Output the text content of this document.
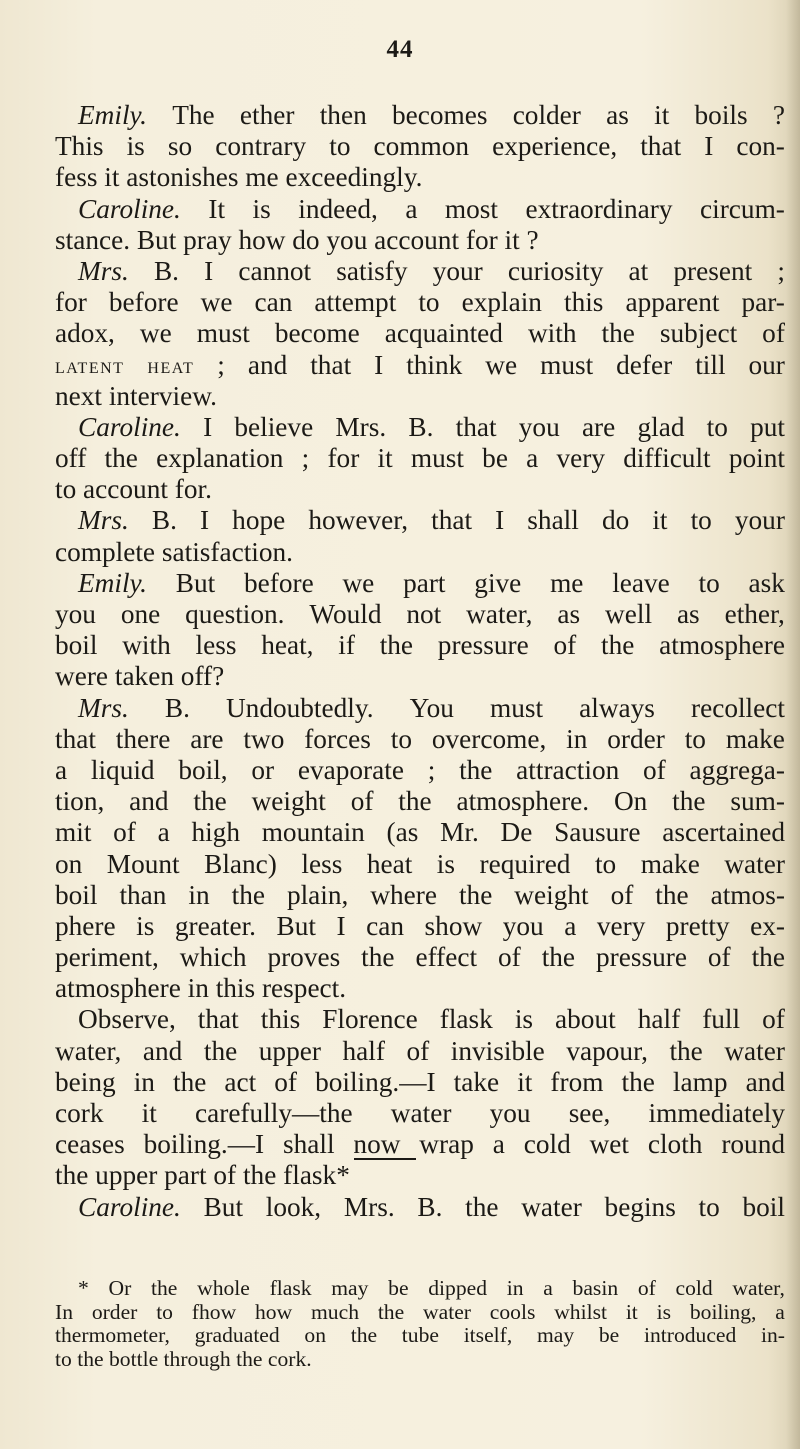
44
Emily. The ether then becomes colder as it boils ?
This is so contrary to common experience, that I con-
fess it astonishes me exceedingly.
Caroline. It is indeed, a most extraordinary circum-
stance. But pray how do you account for it ?
Mrs. B. I cannot satisfy your curiosity at present ;
for before we can attempt to explain this apparent par-
adox, we must become acquainted with the subject of
latent heat ; and that I think we must defer till our
next interview.
Caroline. I believe Mrs. B. that you are glad to put
off the explanation ; for it must be a very difficult point
to account for.
Mrs. B. I hope however, that I shall do it to your
complete satisfaction.
Emily. But before we part give me leave to ask
you one question. Would not water, as well as ether,
boil with less heat, if the pressure of the atmosphere
were taken off?
Mrs. B. Undoubtedly. You must always recollect
that there are two forces to overcome, in order to make
a liquid boil, or evaporate ; the attraction of aggrega-
tion, and the weight of the atmosphere. On the sum-
mit of a high mountain (as Mr. De Sausure ascertained
on Mount Blanc) less heat is required to make water
boil than in the plain, where the weight of the atmos-
phere is greater. But I can show you a very pretty ex-
periment, which proves the effect of the pressure of the
atmosphere in this respect.
Observe, that this Florence flask is about half full of
water, and the upper half of invisible vapour, the water
being in the act of boiling.—I take it from the lamp and
cork it carefully—the water you see, immediately
ceases boiling.—I shall now wrap a cold wet cloth round
the upper part of the flask*
Caroline. But look, Mrs. B. the water begins to boil
* Or the whole flask may be dipped in a basin of cold water,
In order to fhow how much the water cools whilst it is boiling, a
thermometer, graduated on the tube itself, may be introduced in-
to the bottle through the cork.
